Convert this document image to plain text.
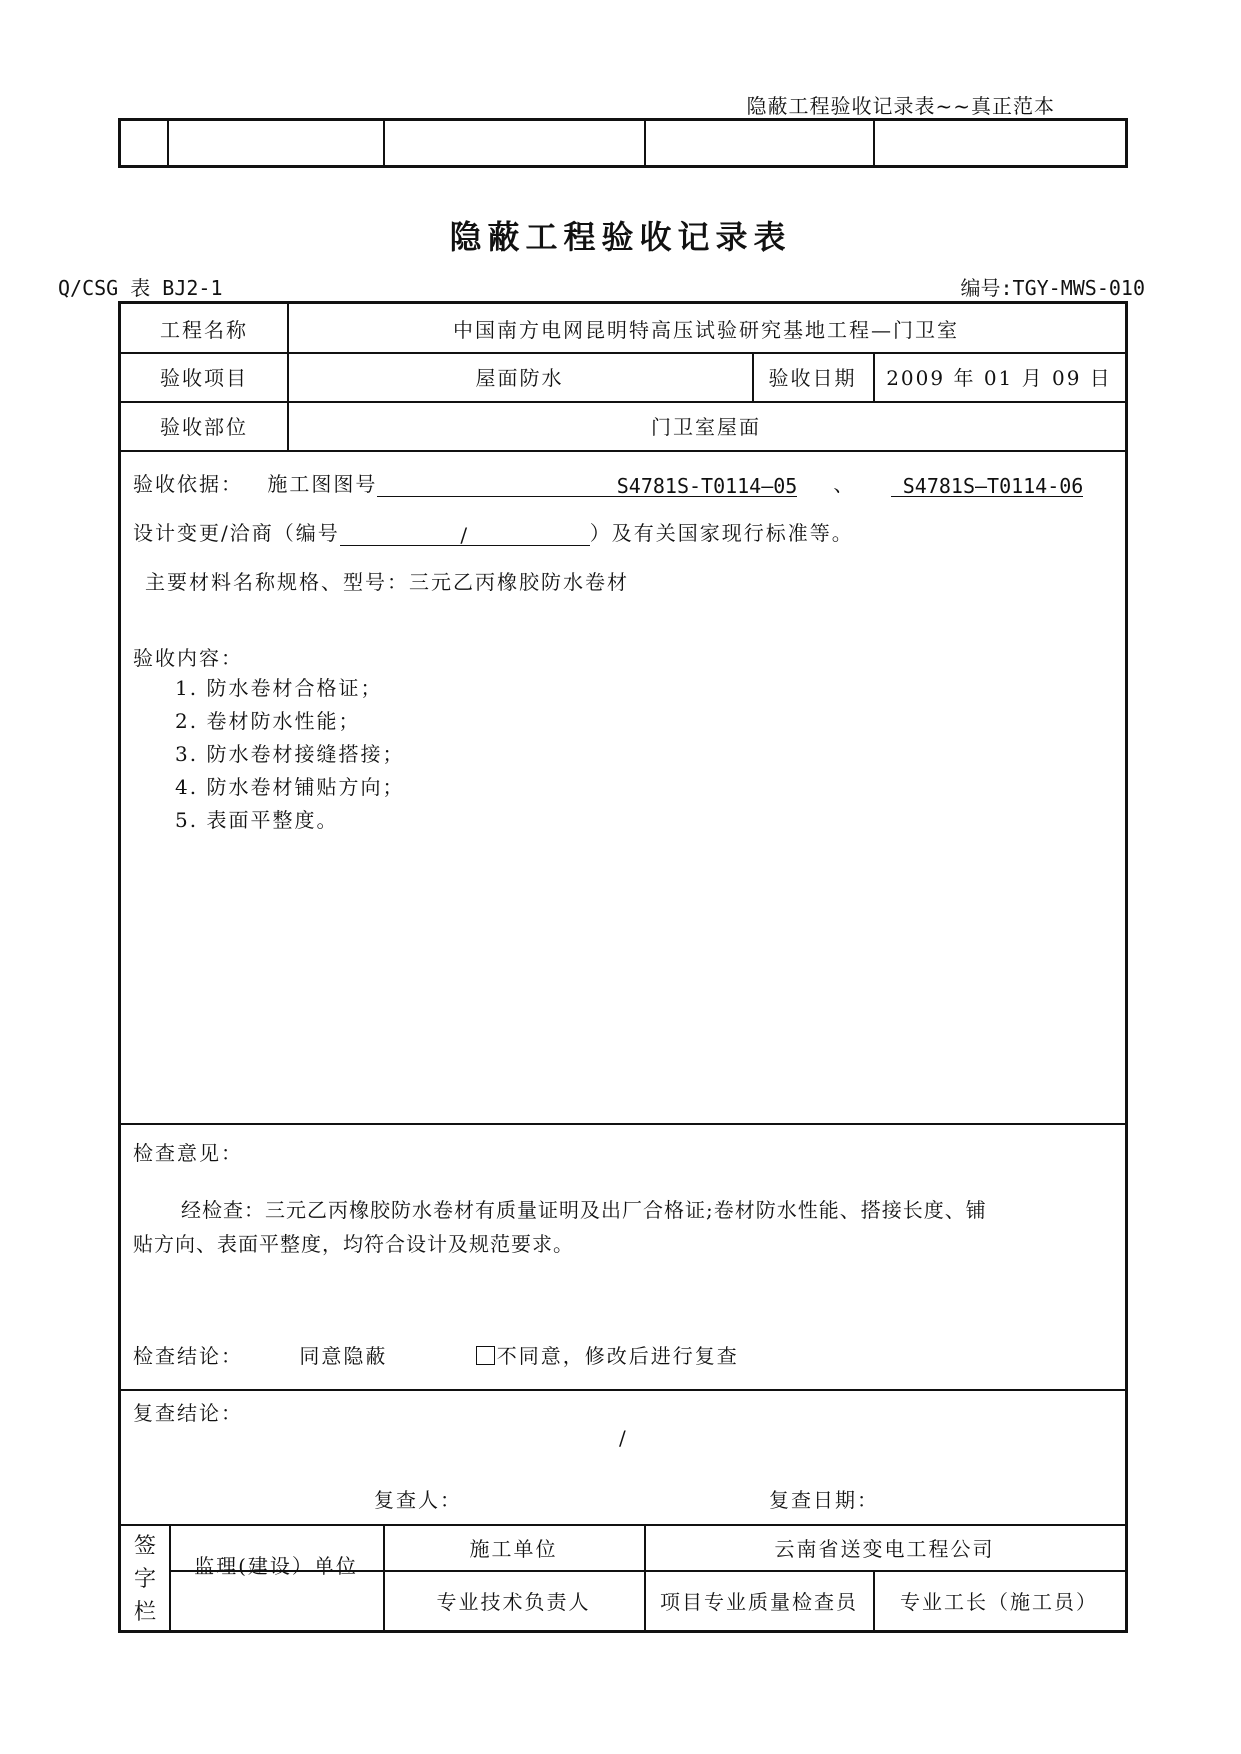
隐蔽工程验收记录表~~真正范本
隐蔽工程验收记录表
Q/CSG 表 BJ2-1	编号:TGY-MWS-010
工程名称	中国南方电网昆明特高压试验研究基地工程—门卫室
验收项目	屋面防水	验收日期	2009 年 01 月 09 日
验收部位	门卫室屋面
验收依据： 施工图图号	S4781S-T0114—05 、 S4781S—T0114-06
设计变更/洽商（编号	/	）及有关国家现行标准等。
主要材料名称规格、型号：三元乙丙橡胶防水卷材
验收内容：
1. 防水卷材合格证；
2. 卷材防水性能；
3. 防水卷材接缝搭接；
4. 防水卷材铺贴方向；
5. 表面平整度。
检查意见：
经检查：三元乙丙橡胶防水卷材有质量证明及出厂合格证;卷材防水性能、搭接长度、铺
贴方向、表面平整度，均符合设计及规范要求。
检查结论：	同意隐蔽	不同意，修改后进行复查
复查结论：
/
复查人：	复查日期：
签
字
栏
监理(建设）单位
施工单位	云南省送变电工程公司
专业技术负责人	项目专业质量检查员	专业工长（施工员）
